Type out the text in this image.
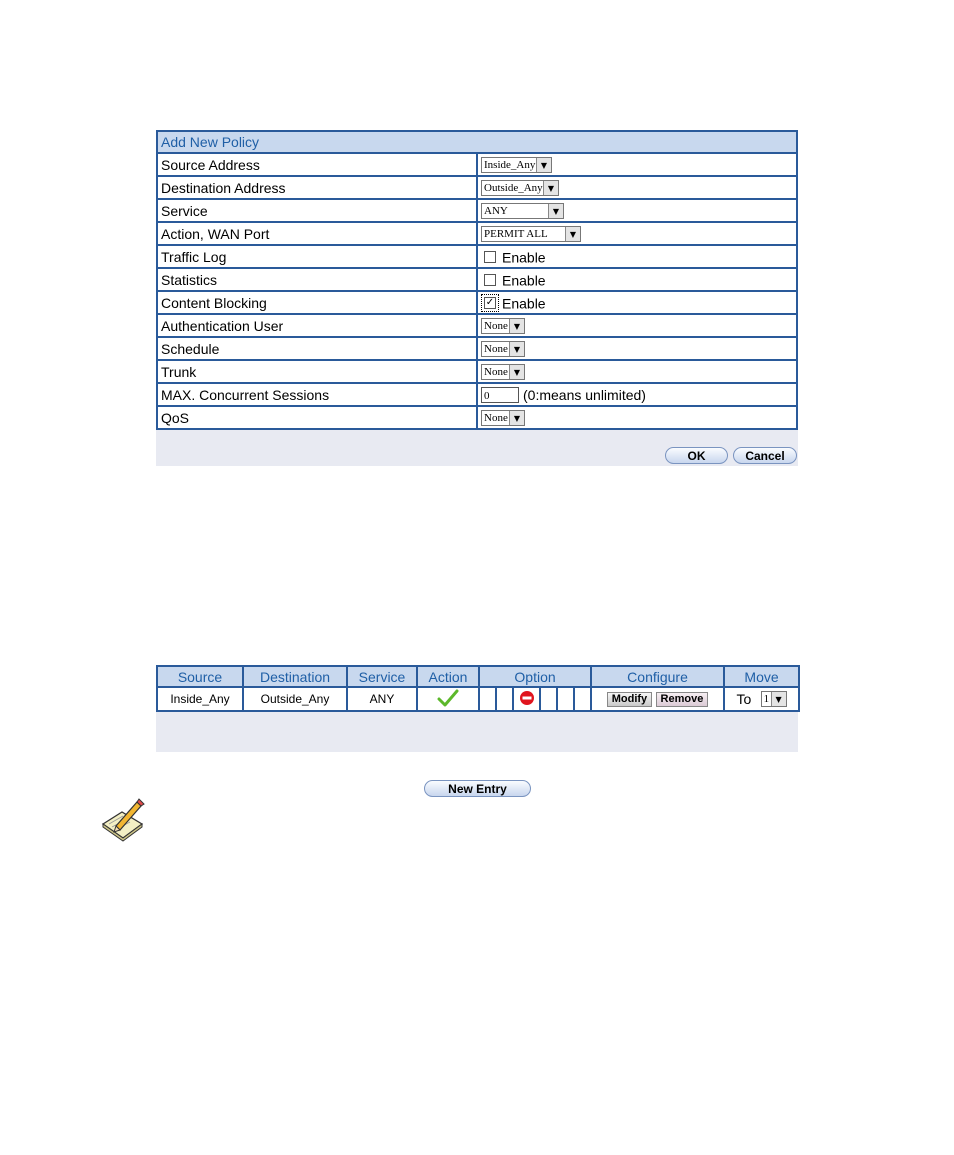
Add New Policy	
Source Address	Inside_Any ▼

Destination Address	Outside_Any ▼

Service	ANY ▼

Action, WAN Port	PERMIT ALL ▼

Traffic Log	Enable
Statistics	Enable
Content Blocking	✓ Enable
Authentication User	None ▼

Schedule	None ▼

Trunk	None ▼

MAX. Concurrent Sessions	0 (0:means unlimited)
QoS	None ▼
OK	Cancel
Source	Destination	Service	Action	Option						Configure	Move
Inside_Any	Outside_Any	ANY								Modify Remove	To 1 ▼
New Entry
